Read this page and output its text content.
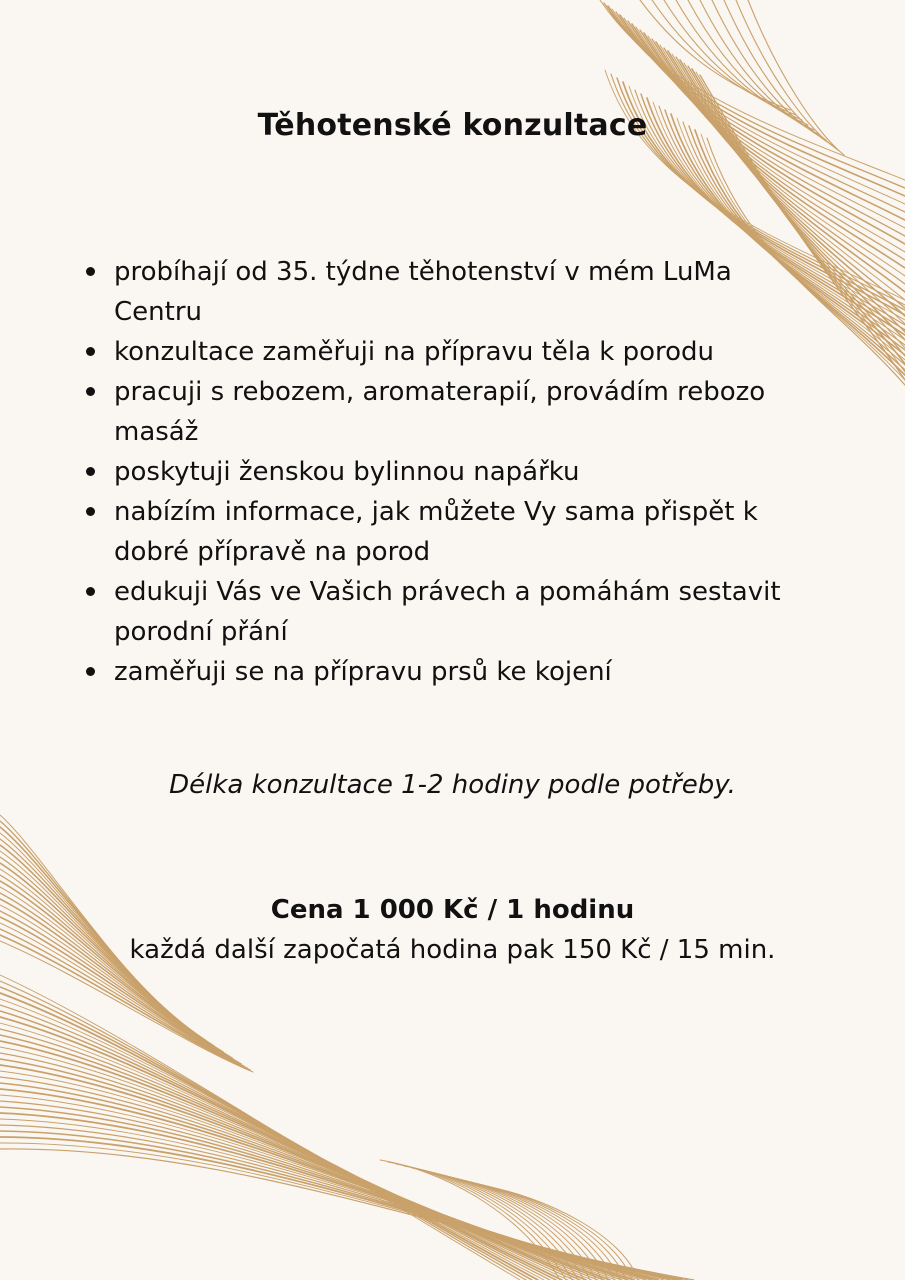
Těhotenské konzultace
probíhají od 35. týdne těhotenství v mém LuMa Centru
konzultace zaměřuji na přípravu těla k porodu
pracuji s rebozem, aromaterapií, provádím rebozo masáž
poskytuji ženskou bylinnou napářku
nabízím informace, jak můžete Vy sama přispět k dobré přípravě na porod
edukuji Vás ve Vašich právech a pomáhám sestavit porodní přání
zaměřuji se na přípravu prsů ke kojení
Délka konzultace 1-2 hodiny podle potřeby.
Cena 1 000 Kč / 1 hodinu
každá další započatá hodina pak 150 Kč / 15 min.
